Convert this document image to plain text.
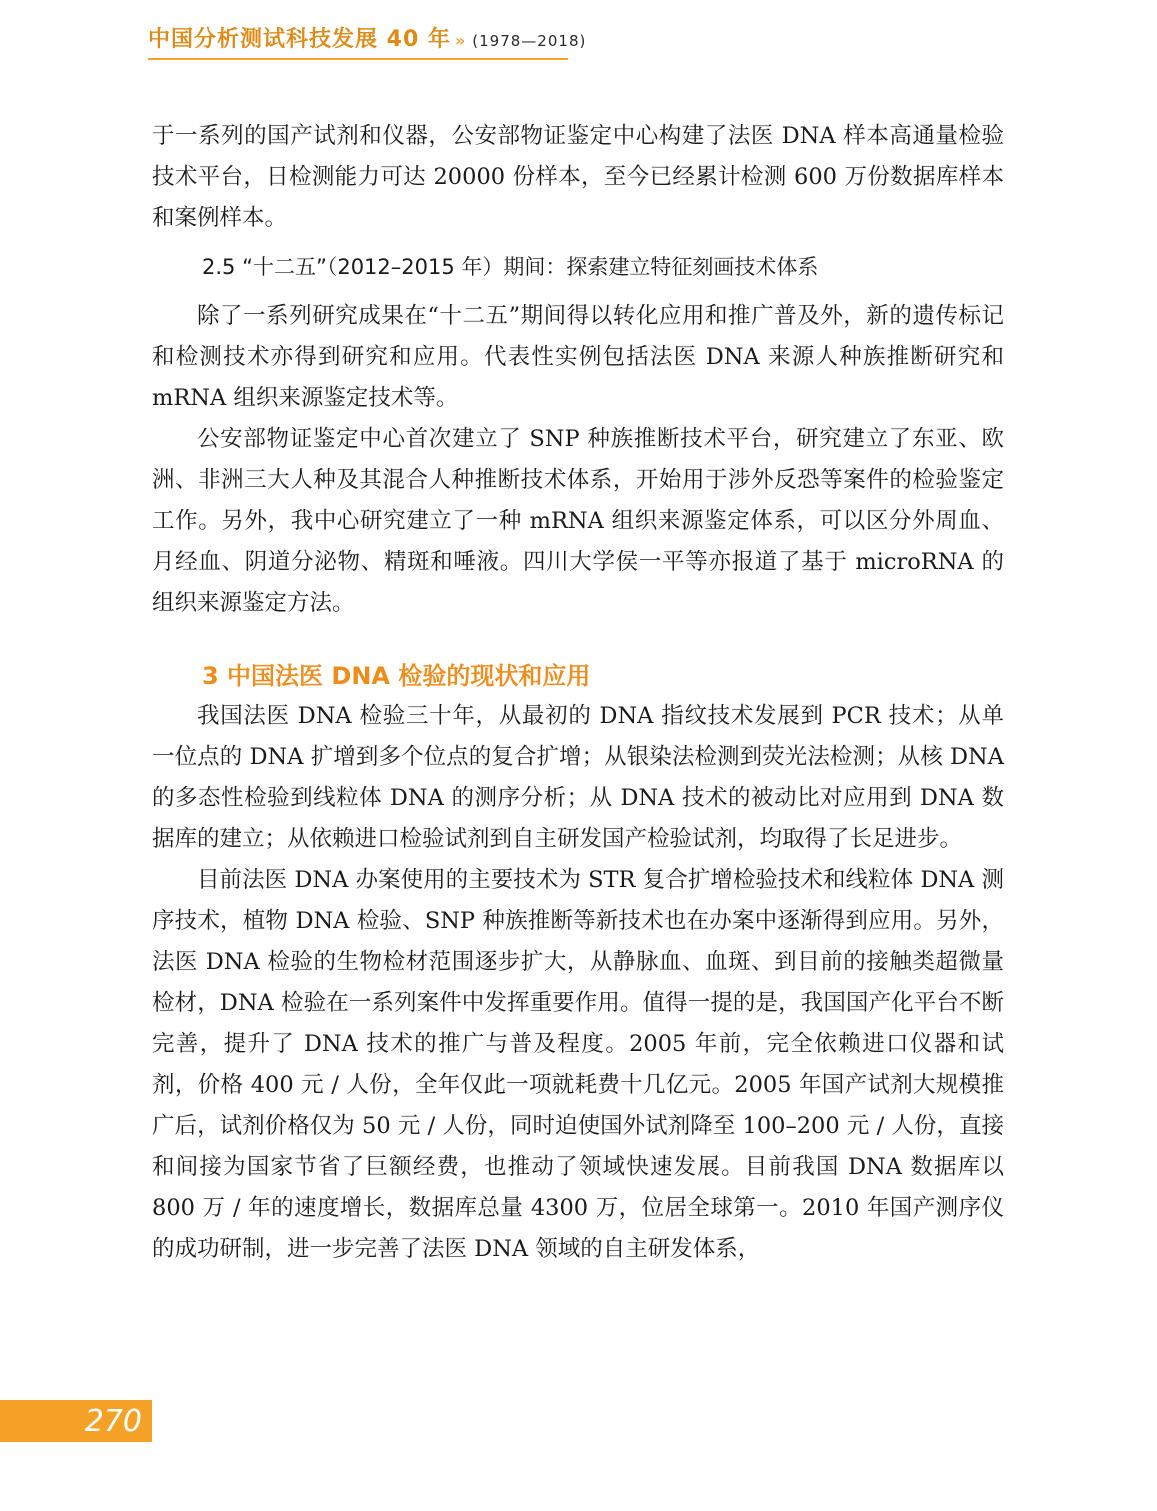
中国分析测试科技发展 40 年 » (1978—2018)

于一系列的国产试剂和仪器，公安部物证鉴定中心构建了法医 DNA 样本高通量检验技术平台，日检测能力可达 20000 份样本，至今已经累计检测 600 万份数据库样本和案例样本。

2.5 “十二五”（2012–2015 年）期间：探索建立特征刻画技术体系

除了一系列研究成果在“十二五”期间得以转化应用和推广普及外，新的遗传标记和检测技术亦得到研究和应用。代表性实例包括法医 DNA 来源人种族推断研究和 mRNA 组织来源鉴定技术等。

公安部物证鉴定中心首次建立了 SNP 种族推断技术平台，研究建立了东亚、欧洲、非洲三大人种及其混合人种推断技术体系，开始用于涉外反恐等案件的检验鉴定工作。另外，我中心研究建立了一种 mRNA 组织来源鉴定体系，可以区分外周血、月经血、阴道分泌物、精斑和唾液。四川大学侯一平等亦报道了基于 microRNA 的组织来源鉴定方法。

3 中国法医 DNA 检验的现状和应用

我国法医 DNA 检验三十年，从最初的 DNA 指纹技术发展到 PCR 技术；从单一位点的 DNA 扩增到多个位点的复合扩增；从银染法检测到荧光法检测；从核 DNA 的多态性检验到线粒体 DNA 的测序分析；从 DNA 技术的被动比对应用到 DNA 数据库的建立；从依赖进口检验试剂到自主研发国产检验试剂，均取得了长足进步。

目前法医 DNA 办案使用的主要技术为 STR 复合扩增检验技术和线粒体 DNA 测序技术，植物 DNA 检验、SNP 种族推断等新技术也在办案中逐渐得到应用。另外，法医 DNA 检验的生物检材范围逐步扩大，从静脉血、血斑、到目前的接触类超微量检材，DNA 检验在一系列案件中发挥重要作用。值得一提的是，我国国产化平台不断完善，提升了 DNA 技术的推广与普及程度。2005 年前，完全依赖进口仪器和试剂，价格 400 元 / 人份，全年仅此一项就耗费十几亿元。2005 年国产试剂大规模推广后，试剂价格仅为 50 元 / 人份，同时迫使国外试剂降至 100–200 元 / 人份，直接和间接为国家节省了巨额经费，也推动了领域快速发展。目前我国 DNA 数据库以 800 万 / 年的速度增长，数据库总量 4300 万，位居全球第一。2010 年国产测序仪的成功研制，进一步完善了法医 DNA 领域的自主研发体系，

270
